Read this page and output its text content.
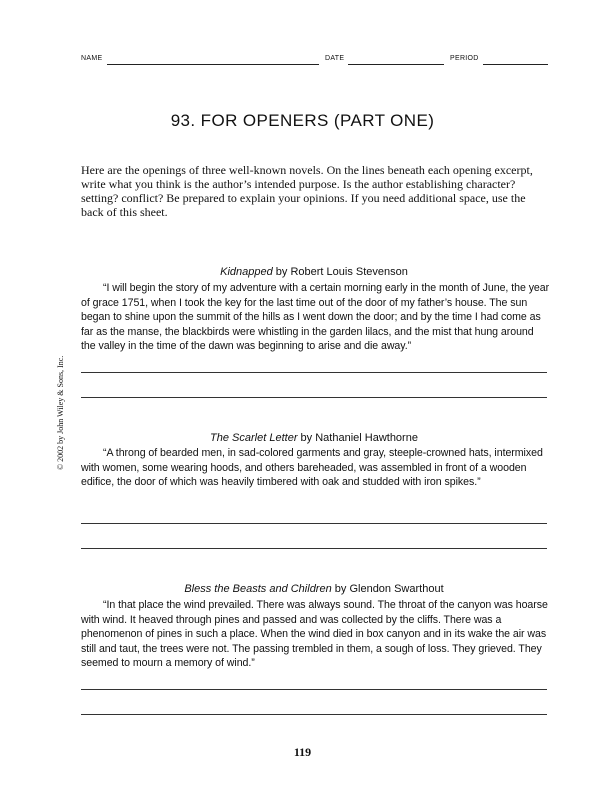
NAME	DATE	PERIOD
93. FOR OPENERS (PART ONE)
Here are the openings of three well-known novels. On the lines beneath each opening excerpt, write what you think is the author’s intended purpose. Is the author establishing character? setting? conflict? Be prepared to explain your opinions. If you need additional space, use the back of this sheet.
Kidnapped by Robert Louis Stevenson
“I will begin the story of my adventure with a certain morning early in the month of June, the year of grace 1751, when I took the key for the last time out of the door of my father’s house. The sun began to shine upon the summit of the hills as I went down the door; and by the time I had come as far as the manse, the blackbirds were whistling in the garden lilacs, and the mist that hung around the valley in the time of the dawn was beginning to arise and die away.”
The Scarlet Letter by Nathaniel Hawthorne
“A throng of bearded men, in sad-colored garments and gray, steeple-crowned hats, intermixed with women, some wearing hoods, and others bareheaded, was assembled in front of a wooden edifice, the door of which was heavily timbered with oak and studded with iron spikes.”
Bless the Beasts and Children by Glendon Swarthout
“In that place the wind prevailed. There was always sound. The throat of the canyon was hoarse with wind. It heaved through pines and passed and was collected by the cliffs. There was a phenomenon of pines in such a place. When the wind died in box canyon and in its wake the air was still and taut, the trees were not. The passing trembled in them, a sough of loss. They grieved. They seemed to mourn a memory of wind.”
© 2002 by John Wiley & Sons, Inc.
119
